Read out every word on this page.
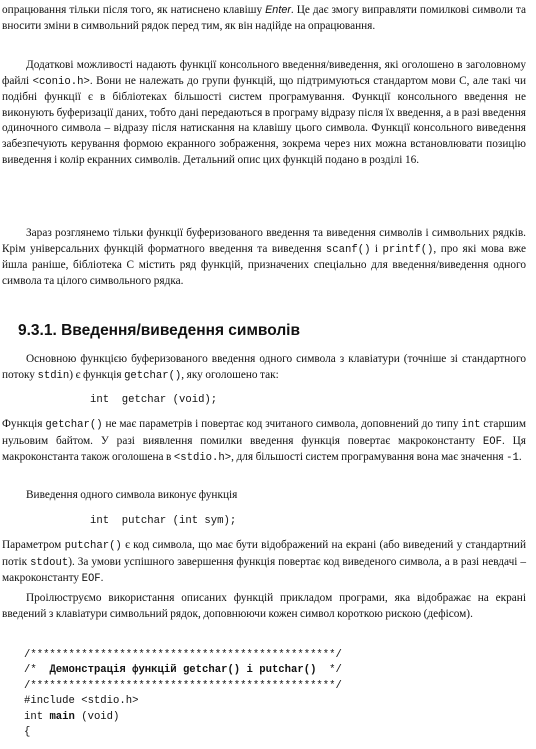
опрацювання тільки після того, як натиснено клавішу Enter. Це дає змогу виправляти помилкові символи та вносити зміни в символьний рядок перед тим, як він надійде на опрацювання.

Додаткові можливості надають функції консольного введення/виведення, які оголошено в заголовному файлі <conio.h>. Вони не належать до групи функцій, що підтримуються стандартом мови С, але такі чи подібні функції є в бібліотеках більшості систем програмування. Функції консольного введення не виконують буферизації даних, тобто дані передаються в програму відразу після їх введення, а в разі введення одиночного символа – відразу після натискання на клавішу цього символа. Функції консольного виведення забезпечують керування формою екранного зображення, зокрема через них можна встановлювати позицію виведення і колір екранних символів. Детальний опис цих функцій подано в розділі 16.

Зараз розглянемо тільки функції буферизованого введення та виведення символів і символьних рядків. Крім універсальних функцій форматного введення та виведення scanf() і printf(), про які мова вже йшла раніше, бібліотека С містить ряд функцій, призначених спеціально для введення/виведення одного символа та цілого символьного рядка.

9.3.1. Введення/виведення символів

Основною функцією буферизованого введення одного символа з клавіатури (точніше зі стандартного потоку stdin) є функція getchar(), яку оголошено так:

int  getchar (void);

Функція getchar() не має параметрів і повертає код зчитаного символа, доповнений до типу int старшим нульовим байтом. У разі виявлення помилки введення функція повертає макроконстанту EOF. Ця макроконстанта також оголошена в <stdio.h>, для більшості систем програмування вона має значення -1.

Виведення одного символа виконує функція

int  putchar (int sym);

Параметром putchar() є код символа, що має бути відображений на екрані (або виведений у стандартний потік stdout). За умови успішного завершення функція повертає код виведеного символа, а в разі невдачі – макроконстанту EOF.

Проілюструємо використання описаних функцій прикладом програми, яка відображає на екрані введений з клавіатури символьний рядок, доповнюючи кожен символ короткою рискою (дефісом).

/************************************************/
/*  Демонстрація функцій getchar() і putchar()  */
/************************************************/
#include <stdio.h>
int main (void)
{
